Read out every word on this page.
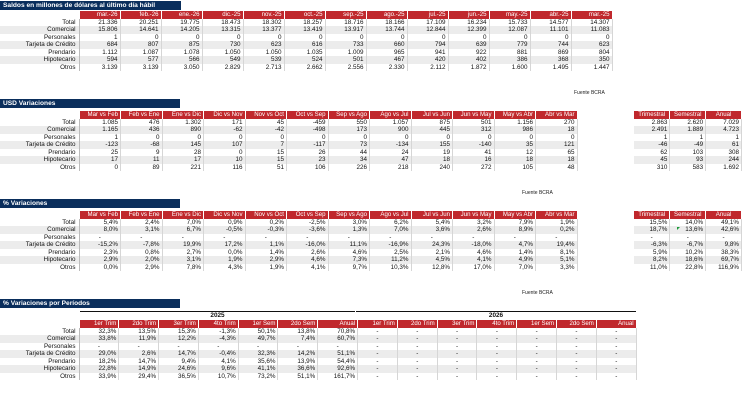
Saldos en millones de dólares al último día hábil
	mar.-26	feb.-26	ene.-26	dic.-25	nov.-25	oct.-25	sep.-25	ago.-25	jul.-25	jun.-25	may.-25	abr.-25	mar.-25
Total	21.336	20.251	19.775	18.473	18.302	18.257	18.716	18.166	17.109	16.234	15.733	14.577	14.307
Comercial	15.806	14.641	14.205	13.315	13.377	13.419	13.917	13.744	12.844	12.399	12.087	11.101	11.083
Personales	1	0	0	0	0	0	0	0	0	0	0	0	0
Tarjeta de Crédito	684	807	875	730	623	616	733	660	794	639	779	744	623
Prendario	1.112	1.087	1.078	1.050	1.050	1.035	1.009	965	941	922	881	869	804
Hipotecario	594	577	566	549	539	524	501	467	420	402	386	368	350
Otros	3.139	3.139	3.050	2.829	2.713	2.662	2.556	2.330	2.112	1.872	1.600	1.495	1.447
Fuente BCRA
USD Variaciones
	Mar vs Feb	Feb vs Ene	Ene vs Dic	Dic vs Nov	Nov vs Oct	Oct vs Sep	Sep vs Ago	Ago vs Jul	Jul vs Jun	Jun vs May	May vs Abr	Abr vs Mar
Total	1.085	476	1.302	171	45	-459	550	1.057	875	501	1.156	270
Comercial	1.165	436	890	-62	-42	-498	173	900	445	312	986	18
Personales	1	0	0	0	0	0	0	0	0	0	0	0
Tarjeta de Crédito	-123	-68	145	107	7	-117	73	-134	155	-140	35	121
Prendario	25	9	28	0	15	26	44	24	19	41	12	65
Hipotecario	17	11	17	10	15	23	34	47	18	16	18	18
Otros	0	89	221	116	51	106	226	218	240	272	105	48
Trimestral	Semestral	Anual
2.863	2.620	7.029
2.491	1.889	4.723
1	1	1
-46	-49	61
62	103	308
45	93	244
310	583	1.692
Fuente BCRA
% Variaciones
	Mar vs Feb	Feb vs Ene	Ene vs Dic	Dic vs Nov	Nov vs Oct	Oct vs Sep	Sep vs Ago	Ago vs Jul	Jul vs Jun	Jun vs May	May vs Abr	Abr vs Mar
Total	5,4%	2,4%	7,0%	0,9%	0,2%	-2,5%	3,0%	6,2%	5,4%	3,2%	7,9%	1,9%
Comercial	8,0%	3,1%	6,7%	-0,5%	-0,3%	-3,6%	1,3%	7,0%	3,6%	2,6%	8,9%	0,2%
Personales	-	-	-	-	-	-	-	-	-	-	-	-
Tarjeta de Crédito	-15,2%	-7,8%	19,9%	17,2%	1,1%	-16,0%	11,1%	-16,9%	24,3%	-18,0%	4,7%	19,4%
Prendario	2,3%	0,8%	2,7%	0,0%	1,4%	2,6%	4,6%	2,5%	2,1%	4,6%	1,4%	8,1%
Hipotecario	2,9%	2,0%	3,1%	1,9%	2,9%	4,6%	7,3%	11,2%	4,5%	4,1%	4,9%	5,1%
Otros	0,0%	2,9%	7,8%	4,3%	1,9%	4,1%	9,7%	10,3%	12,8%	17,0%	7,0%	3,3%
Trimestral	Semestral	Anual
15,5%	14,0%	49,1%
18,7%	13,6%	42,6%
-	-	-
-6,3%	-6,7%	9,8%
5,9%	10,2%	38,3%
8,2%	18,6%	69,7%
11,0%	22,8%	116,9%
Fuente BCRA
% Variaciones por Períodos
2025	2026
	1er Trim	2do Trim	3er Trim	4to Trim	1er Sem	2do Sem	Anual	1er Trim	2do Trim	3er Trim	4to Trim	1er Sem	2do Sem	Anual
Total	32,3%	13,5%	15,3%	-1,3%	50,1%	13,8%	70,8%	-	-	-	-	-	-	-
Comercial	33,8%	11,9%	12,2%	-4,3%	49,7%	7,4%	60,7%	-	-	-	-	-	-	-
Personales	-	-	-	-	-	-	-	-	-	-	-	-	-	-
Tarjeta de Crédito	29,0%	2,6%	14,7%	-0,4%	32,3%	14,2%	51,1%	-	-	-	-	-	-	-
Prendario	18,2%	14,7%	9,4%	4,1%	35,6%	13,9%	54,4%	-	-	-	-	-	-	-
Hipotecario	22,8%	14,9%	24,6%	9,6%	41,1%	36,6%	92,6%	-	-	-	-	-	-	-
Otros	33,9%	29,4%	36,5%	10,7%	73,2%	51,1%	161,7%	-	-	-	-	-	-	-
